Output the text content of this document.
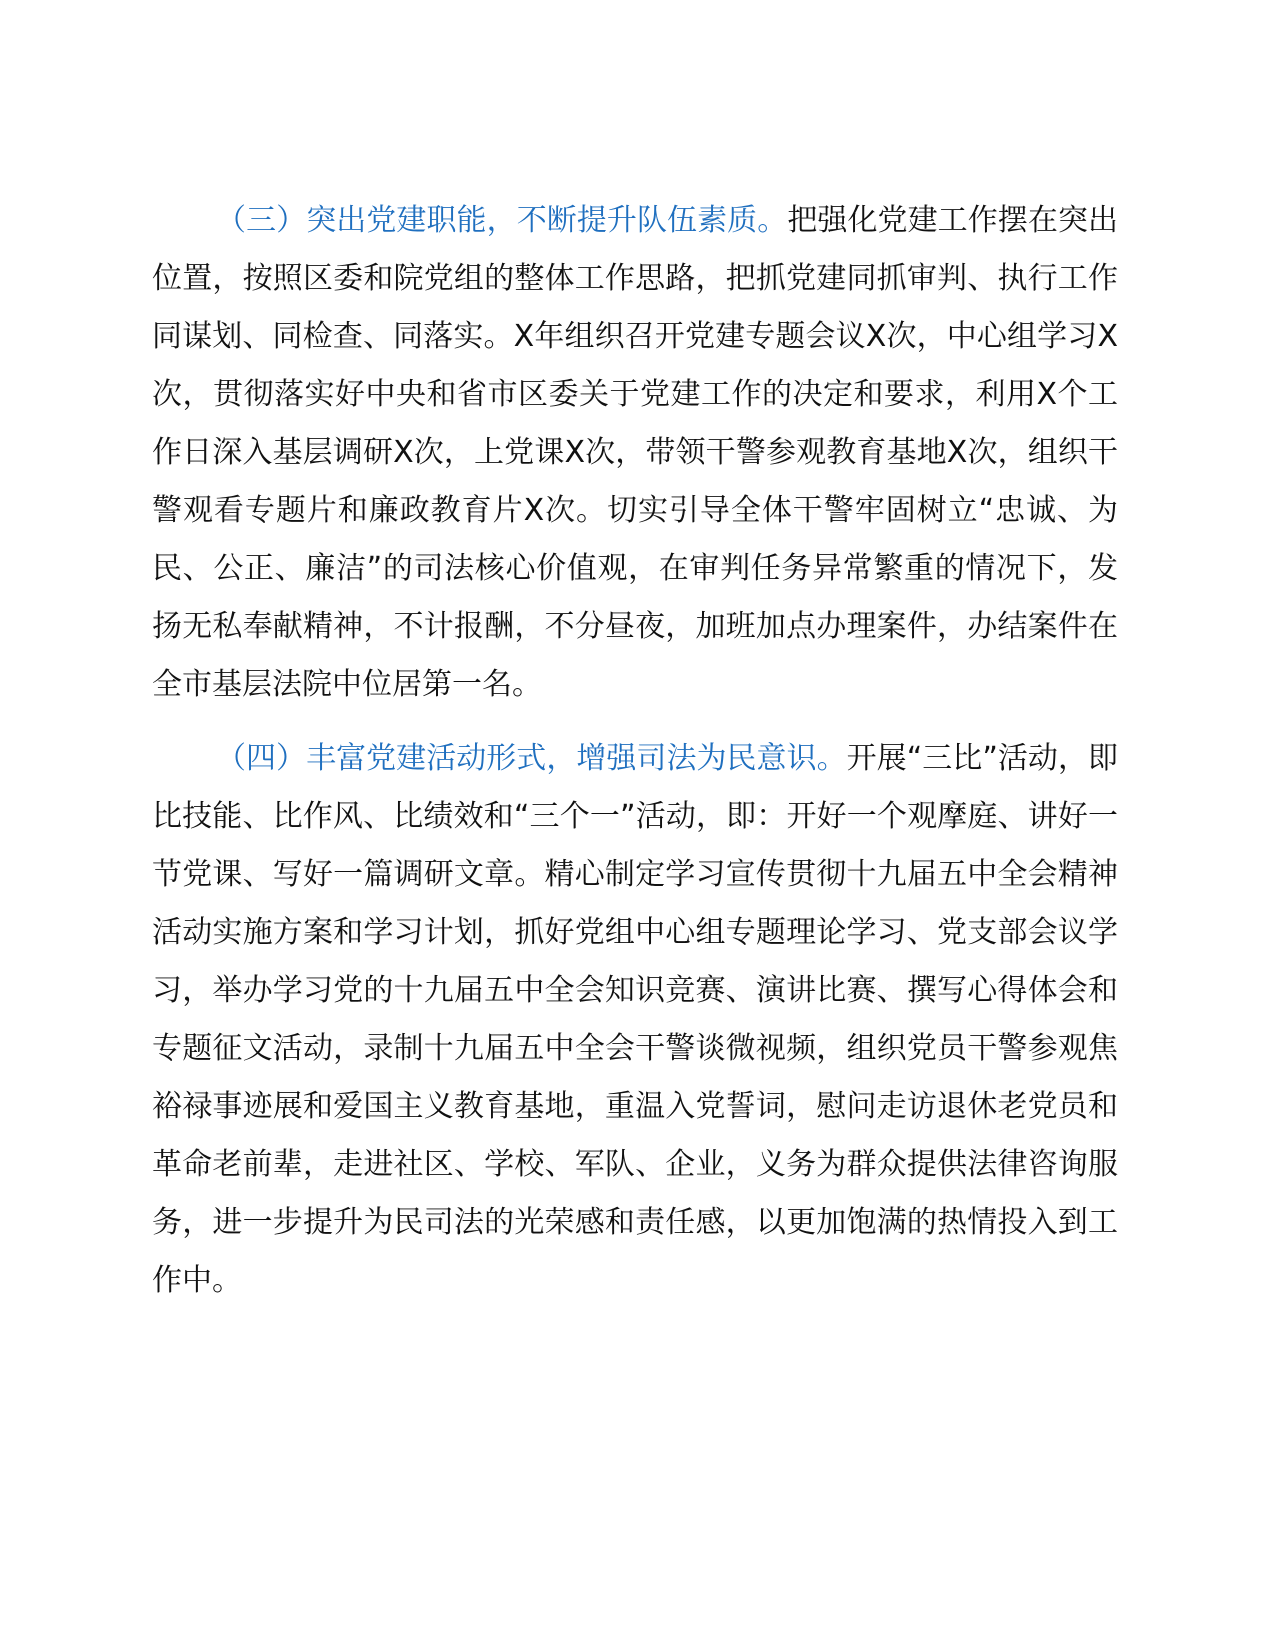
（三）突出党建职能，不断提升队伍素质。把强化党建工作摆在突出位置，按照区委和院党组的整体工作思路，把抓党建同抓审判、执行工作同谋划、同检查、同落实。X年组织召开党建专题会议X次，中心组学习X次，贯彻落实好中央和省市区委关于党建工作的决定和要求，利用X个工作日深入基层调研X次，上党课X次，带领干警参观教育基地X次，组织干警观看专题片和廉政教育片X次。切实引导全体干警牢固树立“忠诚、为民、公正、廉洁”的司法核心价值观，在审判任务异常繁重的情况下，发扬无私奉献精神，不计报酬，不分昼夜，加班加点办理案件，办结案件在全市基层法院中位居第一名。

（四）丰富党建活动形式，增强司法为民意识。开展“三比”活动，即比技能、比作风、比绩效和“三个一”活动，即：开好一个观摩庭、讲好一节党课、写好一篇调研文章。精心制定学习宣传贯彻十九届五中全会精神活动实施方案和学习计划，抓好党组中心组专题理论学习、党支部会议学习，举办学习党的十九届五中全会知识竞赛、演讲比赛、撰写心得体会和专题征文活动，录制十九届五中全会干警谈微视频，组织党员干警参观焦裕禄事迹展和爱国主义教育基地，重温入党誓词，慰问走访退休老党员和革命老前辈，走进社区、学校、军队、企业，义务为群众提供法律咨询服务，进一步提升为民司法的光荣感和责任感，以更加饱满的热情投入到工作中。
